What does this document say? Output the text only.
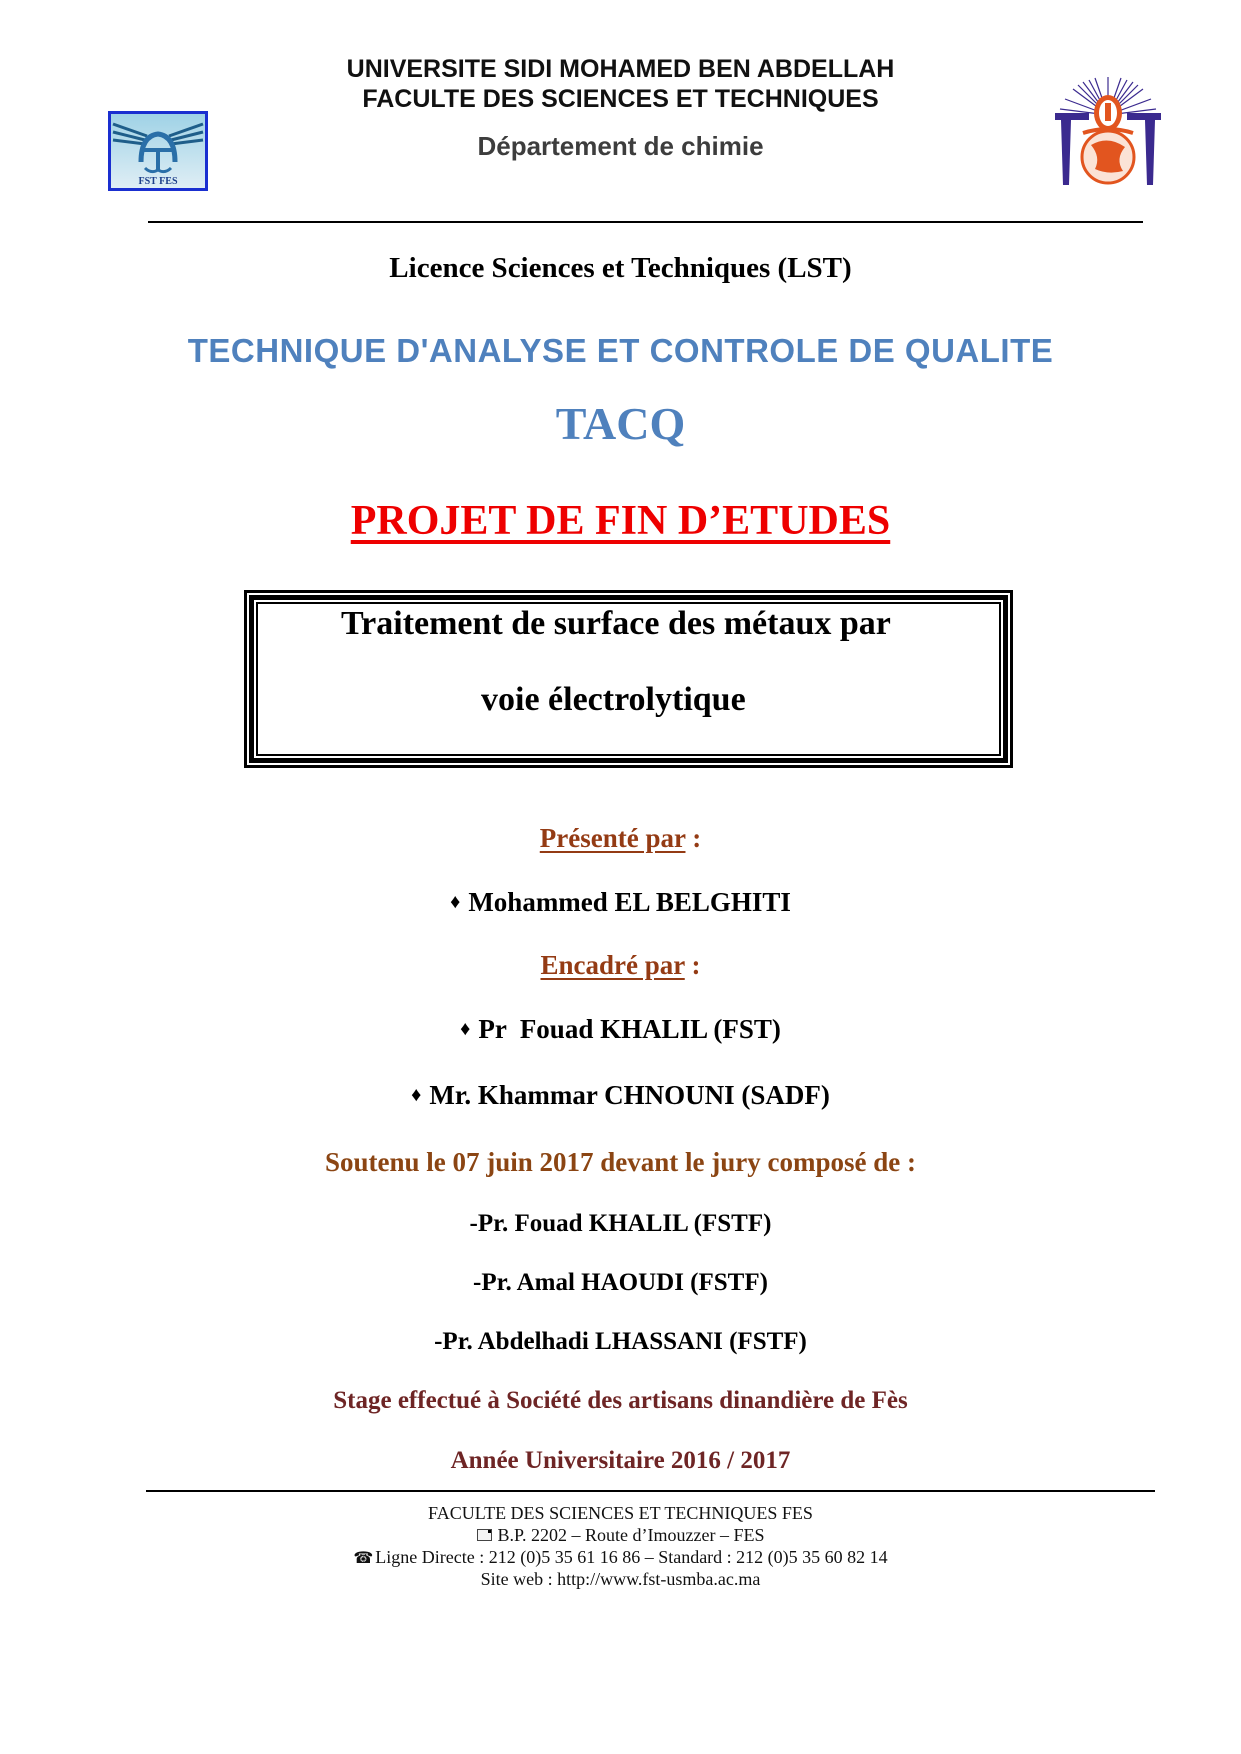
FST FES
UNIVERSITE SIDI MOHAMED BEN ABDELLAH
FACULTE DES SCIENCES ET TECHNIQUES
Département de chimie
Licence Sciences et Techniques (LST)
TECHNIQUE D'ANALYSE ET CONTROLE DE QUALITE
TACQ
PROJET DE FIN D’ETUDES
Traitement de surface des métaux par
voie électrolytique
Présenté par :
♦ Mohammed EL BELGHITI
Encadré par :
♦ Pr  Fouad KHALIL (FST)
♦ Mr. Khammar CHNOUNI (SADF)
Soutenu le 07 juin 2017 devant le jury composé de :
-Pr. Fouad KHALIL (FSTF)
-Pr. Amal HAOUDI (FSTF)
-Pr. Abdelhadi LHASSANI (FSTF)
Stage effectué à Société des artisans dinandière de Fès
Année Universitaire 2016 / 2017
FACULTE DES SCIENCES ET TECHNIQUES FES
B.P. 2202 – Route d’Imouzzer – FES
☎ Ligne Directe : 212 (0)5 35 61 16 86 – Standard : 212 (0)5 35 60 82 14
Site web : http://www.fst-usmba.ac.ma
